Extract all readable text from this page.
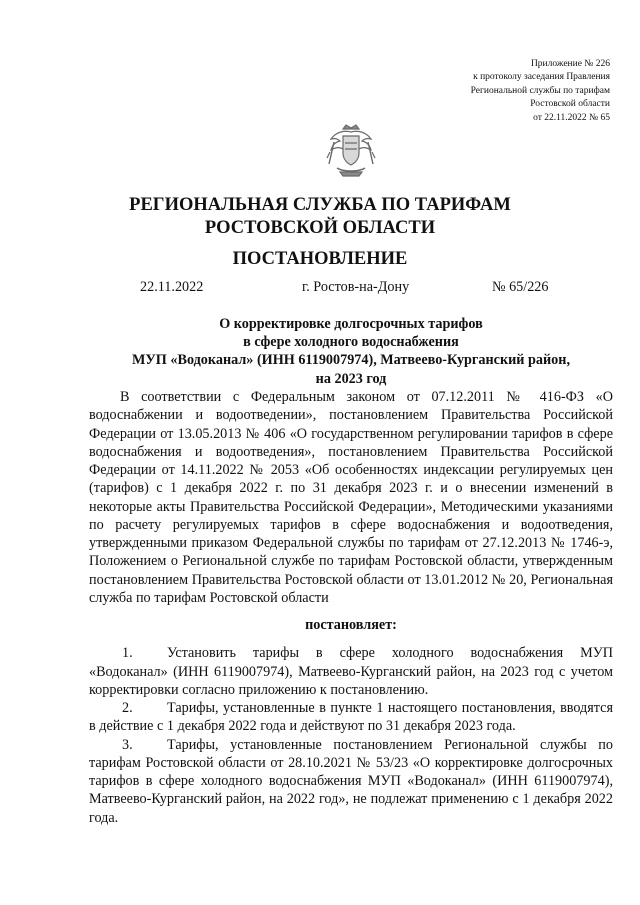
Приложение № 226
к протоколу заседания Правления
Региональной службы по тарифам
Ростовской области
от 22.11.2022 № 65
РЕГИОНАЛЬНАЯ СЛУЖБА ПО ТАРИФАМ
РОСТОВСКОЙ ОБЛАСТИ
ПОСТАНОВЛЕНИЕ
22.11.2022	г. Ростов-на-Дону	№ 65/226
О корректировке долгосрочных тарифов
в сфере холодного водоснабжения
МУП «Водоканал» (ИНН 6119007974), Матвеево-Курганский район,
на 2023 год

В соответствии с Федеральным законом от 07.12.2011 № 416-ФЗ «О водоснабжении и водоотведении», постановлением Правительства Российской Федерации от 13.05.2013 № 406 «О государственном регулировании тарифов в сфере водоснабжения и водоотведения», постановлением Правительства Российской Федерации от 14.11.2022 № 2053 «Об особенностях индексации регулируемых цен (тарифов) с 1 декабря 2022 г. по 31 декабря 2023 г. и о внесении изменений в некоторые акты Правительства Российской Федерации», Методическими указаниями по расчету регулируемых тарифов в сфере водоснабжения и водоотведения, утвержденными приказом Федеральной службы по тарифам от 27.12.2013 № 1746-э, Положением о Региональной службе по тарифам Ростовской области, утвержденным постановлением Правительства Ростовской области от 13.01.2012 № 20, Региональная служба по тарифам Ростовской области

постановляет:

1. Установить тарифы в сфере холодного водоснабжения МУП «Водоканал» (ИНН 6119007974), Матвеево-Курганский район, на 2023 год с учетом корректировки согласно приложению к постановлению.

2. Тарифы, установленные в пункте 1 настоящего постановления, вводятся в действие с 1 декабря 2022 года и действуют по 31 декабря 2023 года.

3. Тарифы, установленные постановлением Региональной службы по тарифам Ростовской области от 28.10.2021 № 53/23 «О корректировке долгосрочных тарифов в сфере холодного водоснабжения МУП «Водоканал» (ИНН 6119007974), Матвеево-Курганский район, на 2022 год», не подлежат применению с 1 декабря 2022 года.
